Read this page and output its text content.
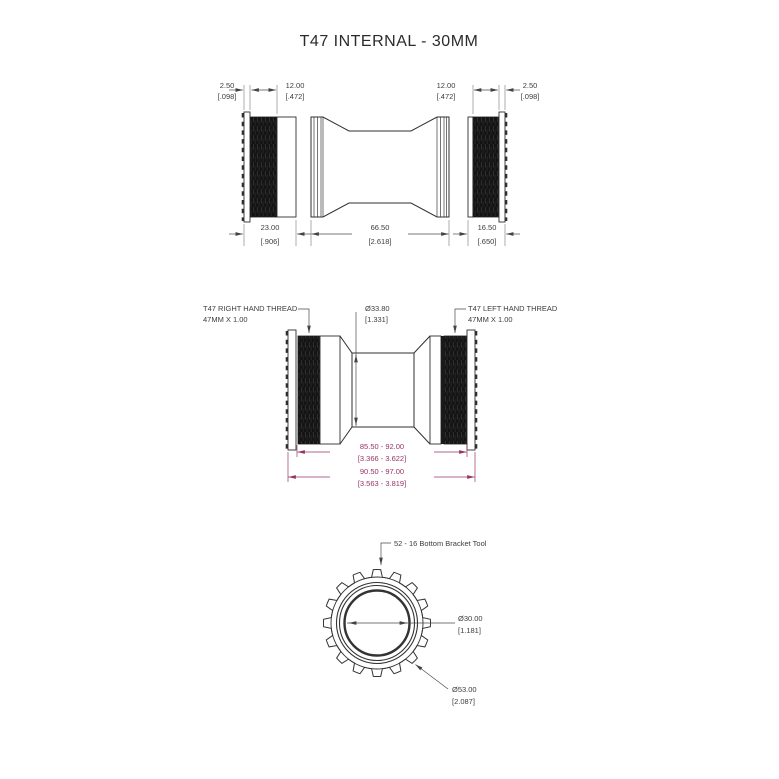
T47 INTERNAL - 30MM
2.50
[.098]
12.00
[.472]
12.00
[.472]
2.50
[.098]
23.00
[.906]
66.50
[2.618]
16.50
[.650]
T47 RIGHT HAND THREAD
47MM X 1.00
T47 LEFT HAND THREAD
47MM X 1.00
Ø33.80
[1.331]
85.50 - 92.00
[3.366 - 3.622]
90.50 - 97.00
[3.563 - 3.819]
52 - 16 Bottom Bracket Tool
Ø30.00
[1.181]
Ø53.00
[2.087]
